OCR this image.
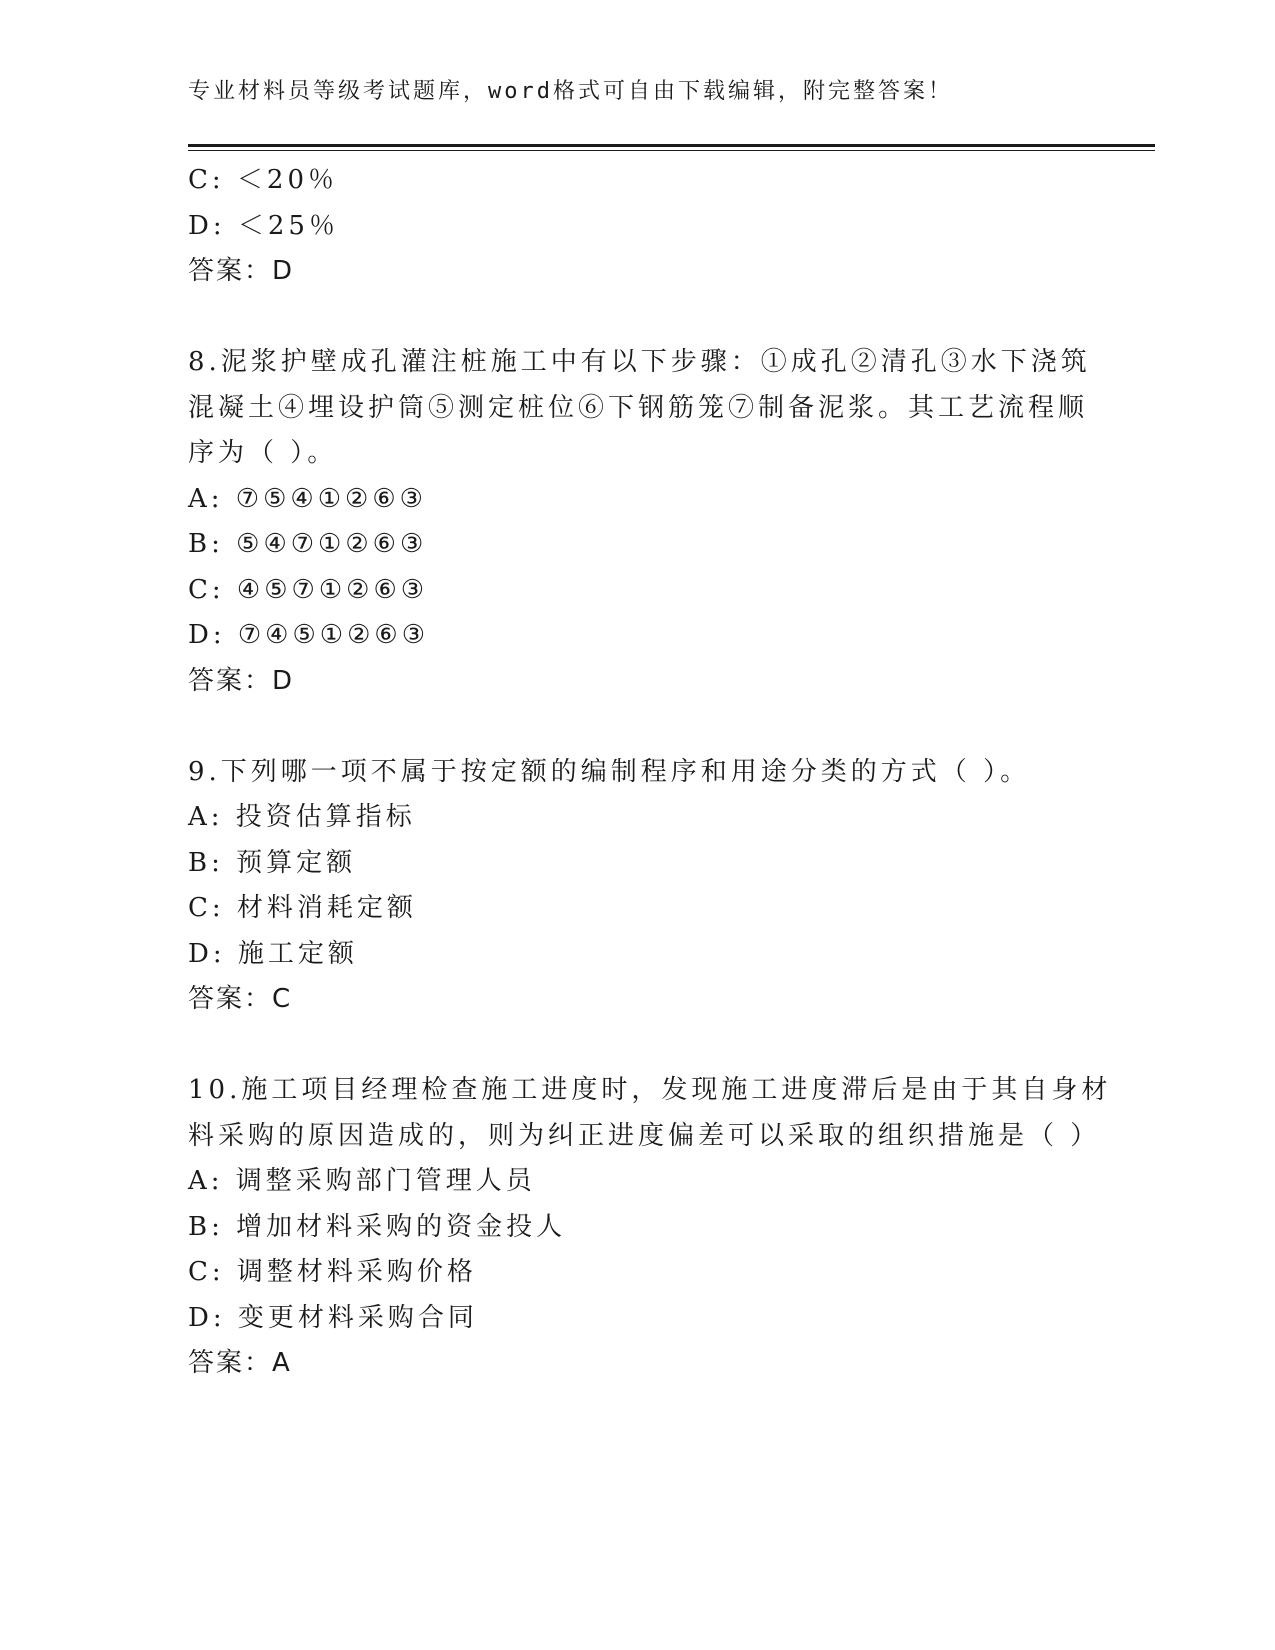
专业材料员等级考试题库，word格式可自由下载编辑，附完整答案！
C: ＜20％
D: ＜25％
答案：D
8.泥浆护壁成孔灌注桩施工中有以下步骤：①成孔②清孔③水下浇筑
混凝土④埋设护筒⑤测定桩位⑥下钢筋笼⑦制备泥浆。其工艺流程顺
序为（ ）。
A: ⑦⑤④①②⑥③
B: ⑤④⑦①②⑥③
C: ④⑤⑦①②⑥③
D: ⑦④⑤①②⑥③
答案：D
9.下列哪一项不属于按定额的编制程序和用途分类的方式（ ）。
A: 投资估算指标
B: 预算定额
C: 材料消耗定额
D: 施工定额
答案：C
10.施工项目经理检查施工进度时，发现施工进度滞后是由于其自身材
料采购的原因造成的，则为纠正进度偏差可以采取的组织措施是（ ）
A: 调整采购部门管理人员
B: 增加材料采购的资金投人
C: 调整材料采购价格
D: 变更材料采购合同
答案：A
